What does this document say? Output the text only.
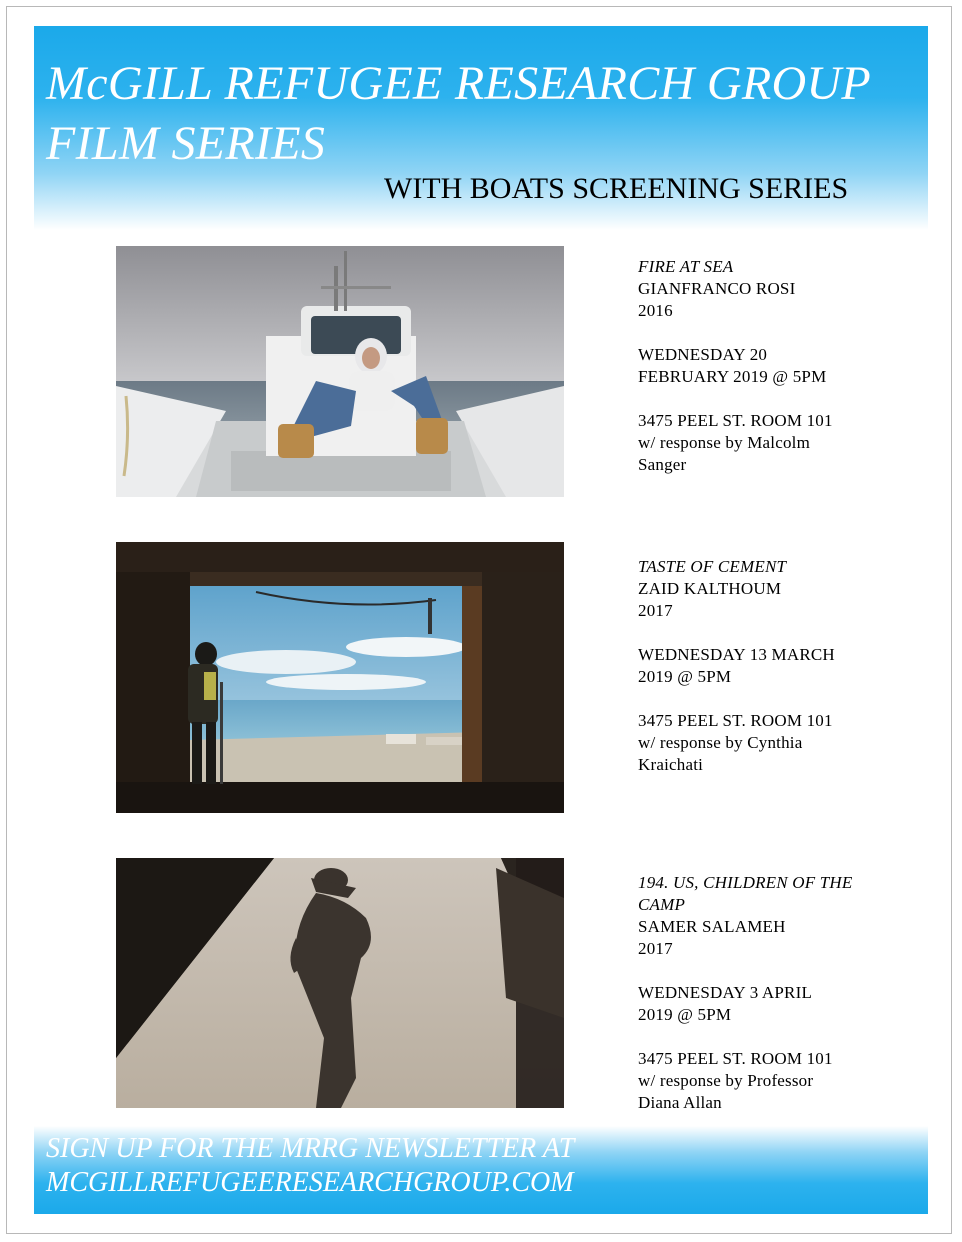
McGILL REFUGEE RESEARCH GROUP
FILM SERIES
WITH BOATS SCREENING SERIES
FIRE AT SEA
GIANFRANCO ROSI
2016
WEDNESDAY 20
FEBRUARY 2019 @ 5PM
3475 PEEL ST. ROOM 101
w/ response by Malcolm
Sanger
TASTE OF CEMENT
ZAID KALTHOUM
2017
WEDNESDAY 13 MARCH
2019 @ 5PM
3475 PEEL ST. ROOM 101
w/ response by Cynthia
Kraichati
194. US, CHILDREN OF THE
CAMP
SAMER SALAMEH
2017
WEDNESDAY 3 APRIL
2019 @ 5PM
3475 PEEL ST. ROOM 101
w/ response by Professor
Diana Allan

SIGN UP FOR THE MRRG NEWSLETTER AT
MCGILLREFUGEERESEARCHGROUP.COM
